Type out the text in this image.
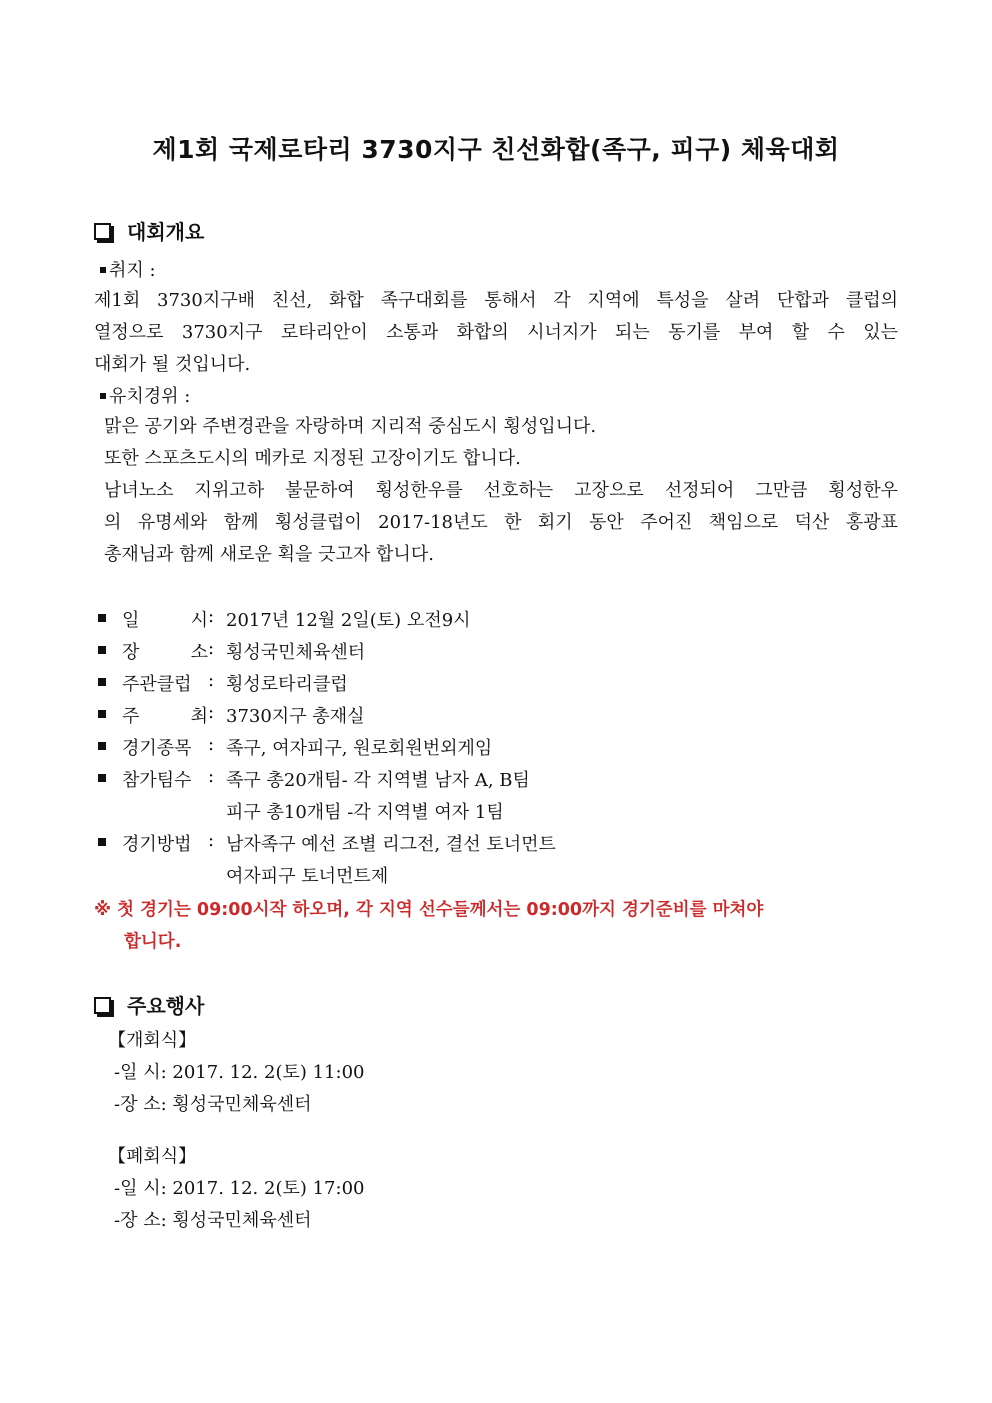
제1회 국제로타리 3730지구 친선화합(족구, 피구) 체육대회
대회개요
취지 :
제1회 3730지구배 친선, 화합 족구대회를 통해서 각 지역에 특성을 살려 단합과 클럽의
열정으로 3730지구 로타리안이 소통과 화합의 시너지가 되는 동기를 부여 할 수 있는
대회가 될 것입니다.
유치경위 :
맑은 공기와 주변경관을 자랑하며 지리적 중심도시 횡성입니다.
또한 스포츠도시의 메카로 지정된 고장이기도 합니다.
남녀노소 지위고하 불문하여 횡성한우를 선호하는 고장으로 선정되어 그만큼 횡성한우
의 유명세와 함께 횡성클럽이 2017-18년도 한 회기 동안 주어진 책임으로 덕산 홍광표
총재님과 함께 새로운 획을 긋고자 합니다.
일 시 : 2017년 12월 2일(토) 오전9시
장 소 : 횡성국민체육센터
주관클럽 : 횡성로타리클럽
주 최 : 3730지구 총재실
경기종목 : 족구, 여자피구, 원로회원번외게임
참가팀수 : 족구 총20개팀- 각 지역별 남자 A, B팀
피구 총10개팀 -각 지역별 여자 1팀
경기방법 : 남자족구 예선 조별 리그전, 결선 토너먼트
여자피구 토너먼트제
※ 첫 경기는 09:00시작 하오며, 각 지역 선수들께서는 09:00까지 경기준비를 마쳐야
합니다.
주요행사
【개회식】
-일 시: 2017. 12. 2(토) 11:00
-장 소: 횡성국민체육센터
【폐회식】
-일 시: 2017. 12. 2(토) 17:00
-장 소: 횡성국민체육센터
